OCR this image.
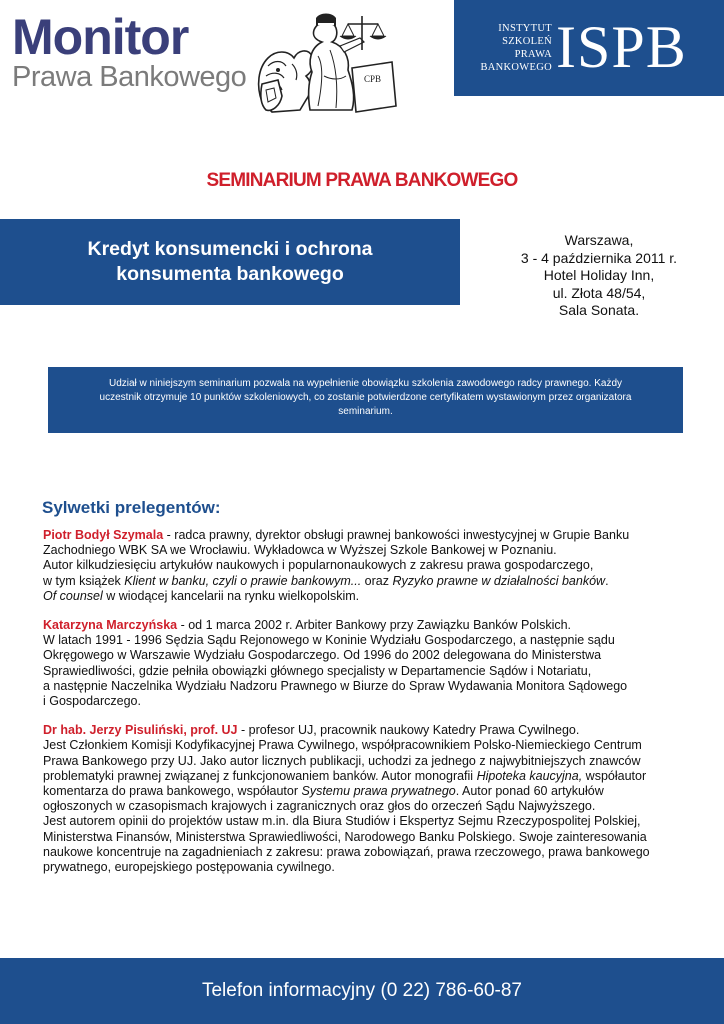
Monitor
Prawa Bankowego	CPB
INSTYTUT
SZKOLEŃ
PRAWA
BANKOWEGO ISPB
SEMINARIUM PRAWA BANKOWEGO
Kredyt konsumencki i ochrona
konsumenta bankowego
Warszawa,
3 - 4 października 2011 r.
Hotel Holiday Inn,
ul. Złota 48/54,
Sala Sonata.
Udział w niniejszym seminarium pozwala na wypełnienie obowiązku szkolenia zawodowego radcy prawnego. Każdy uczestnik otrzymuje 10 punktów szkoleniowych, co zostanie potwierdzone certyfikatem wystawionym przez organizatora seminarium.
Sylwetki prelegentów:
Piotr Bodył Szymala - radca prawny, dyrektor obsługi prawnej bankowości inwestycyjnej w Grupie Banku
Zachodniego WBK SA we Wrocławiu. Wykładowca w Wyższej Szkole Bankowej w Poznaniu.
Autor kilkudziesięciu artykułów naukowych i popularnonaukowych z zakresu prawa gospodarczego,
w tym książek Klient w banku, czyli o prawie bankowym... oraz Ryzyko prawne w działalności banków.
Of counsel w wiodącej kancelarii na rynku wielkopolskim.
Katarzyna Marczyńska - od 1 marca 2002 r. Arbiter Bankowy przy Zawiązku Banków Polskich.
W latach 1991 - 1996 Sędzia Sądu Rejonowego w Koninie Wydziału Gospodarczego, a następnie sądu
Okręgowego w Warszawie Wydziału Gospodarczego. Od 1996 do 2002 delegowana do Ministerstwa
Sprawiedliwości, gdzie pełniła obowiązki głównego specjalisty w Departamencie Sądów i Notariatu,
a następnie Naczelnika Wydziału Nadzoru Prawnego w Biurze do Spraw Wydawania Monitora Sądowego
i Gospodarczego.
Dr hab. Jerzy Pisuliński, prof. UJ - profesor UJ, pracownik naukowy Katedry Prawa Cywilnego.
Jest Członkiem Komisji Kodyfikacyjnej Prawa Cywilnego, współpracownikiem Polsko-Niemieckiego Centrum
Prawa Bankowego przy UJ. Jako autor licznych publikacji, uchodzi za jednego z najwybitniejszych znawców
problematyki prawnej związanej z funkcjonowaniem banków. Autor monografii Hipoteka kaucyjna, współautor
komentarza do prawa bankowego, współautor Systemu prawa prywatnego. Autor ponad 60 artykułów
ogłoszonych w czasopismach krajowych i zagranicznych oraz głos do orzeczeń Sądu Najwyższego.
Jest autorem opinii do projektów ustaw m.in. dla Biura Studiów i Ekspertyz Sejmu Rzeczypospolitej Polskiej,
Ministerstwa Finansów, Ministerstwa Sprawiedliwości, Narodowego Banku Polskiego. Swoje zainteresowania
naukowe koncentruje na zagadnieniach z zakresu: prawa zobowiązań, prawa rzeczowego, prawa bankowego
prywatnego, europejskiego postępowania cywilnego.
Telefon informacyjny (0 22) 786-60-87
